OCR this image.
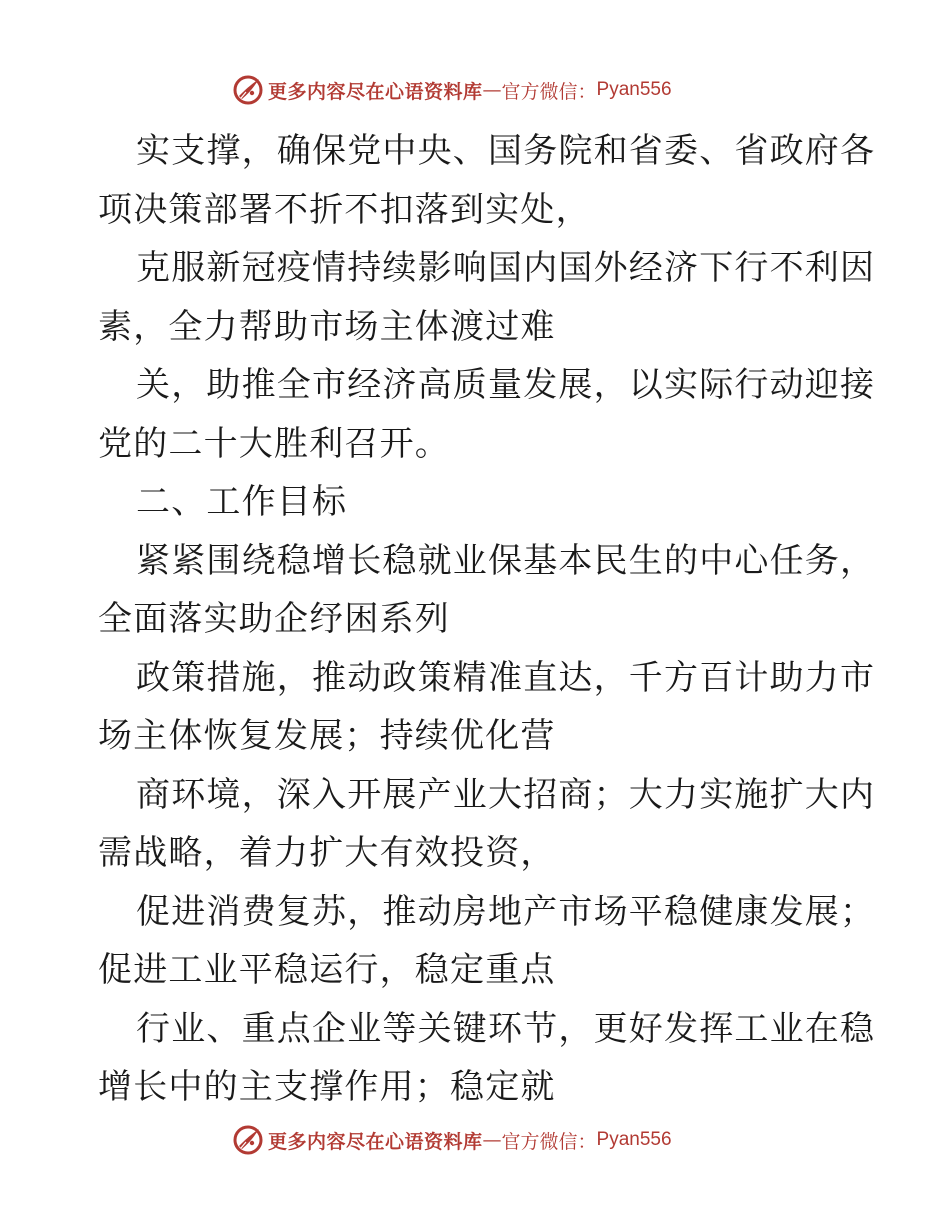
更多内容尽在心语资料库 — 官方微信： Pyan556
实支撑，确保党中央、国务院和省委、省政府各
项决策部署不折不扣落到实处，
克服新冠疫情持续影响国内国外经济下行不利因
素，全力帮助市场主体渡过难
关，助推全市经济高质量发展，以实际行动迎接
党的二十大胜利召开。
二、工作目标
紧紧围绕稳增长稳就业保基本民生的中心任务，
全面落实助企纾困系列
政策措施，推动政策精准直达，千方百计助力市
场主体恢复发展；持续优化营
商环境，深入开展产业大招商；大力实施扩大内
需战略，着力扩大有效投资，
促进消费复苏，推动房地产市场平稳健康发展；
促进工业平稳运行，稳定重点
行业、重点企业等关键环节，更好发挥工业在稳
增长中的主支撑作用；稳定就
更多内容尽在心语资料库 — 官方微信： Pyan556
